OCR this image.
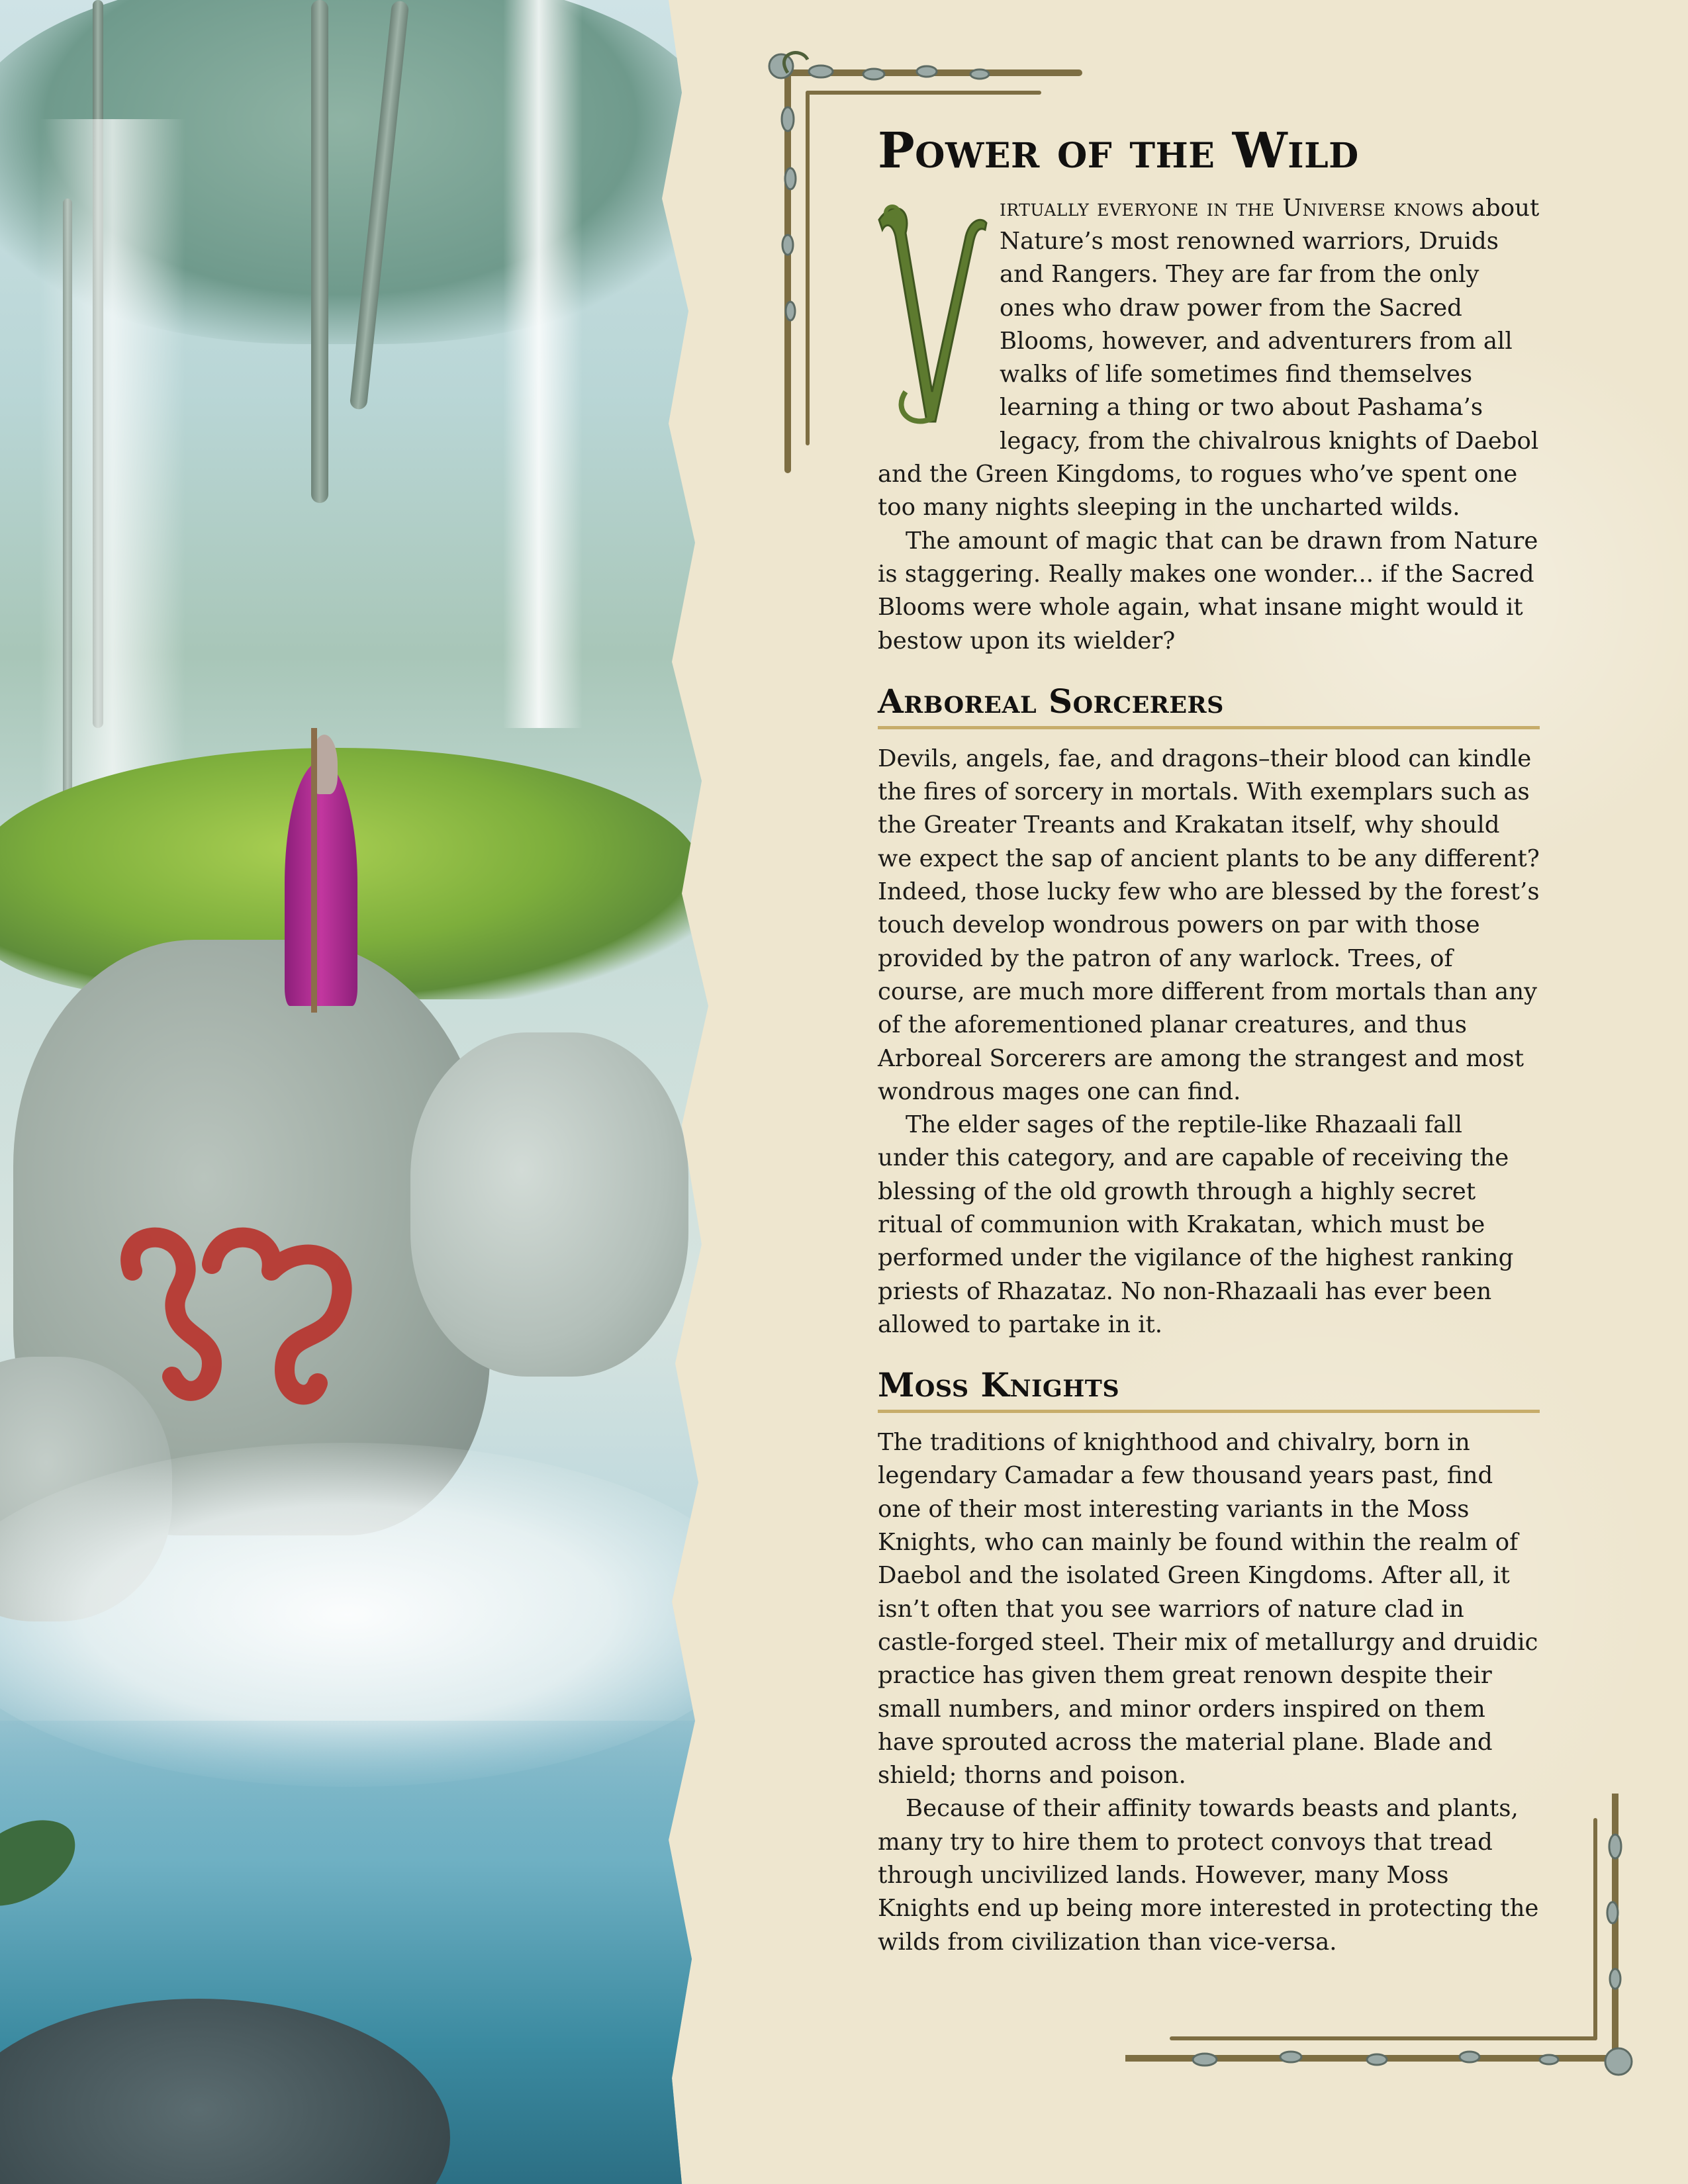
Power of the Wild
V

irtually everyone in the Universe knows about Nature’s most renowned warriors, Druids and Rangers. They are far from the only ones who draw power from the Sacred Blooms, however, and adventurers from all walks of life sometimes find themselves learning a thing or two about Pashama’s legacy, from the chivalrous knights of Daebol and the Green Kingdoms, to rogues who’ve spent one too many nights sleeping in the uncharted wilds.

The amount of magic that can be drawn from Nature is staggering. Really makes one wonder... if the Sacred Blooms were whole again, what insane might would it bestow upon its wielder?

Arboreal Sorcerers

Devils, angels, fae, and dragons–their blood can kindle the fires of sorcery in mortals. With exemplars such as the Greater Treants and Krakatan itself, why should we expect the sap of ancient plants to be any different? Indeed, those lucky few who are blessed by the forest’s touch develop wondrous powers on par with those provided by the patron of any warlock. Trees, of course, are much more different from mortals than any of the aforementioned planar creatures, and thus Arboreal Sorcerers are among the strangest and most wondrous mages one can find.

The elder sages of the reptile-like Rhazaali fall under this category, and are capable of receiving the blessing of the old growth through a highly secret ritual of communion with Krakatan, which must be performed under the vigilance of the highest ranking priests of Rhazataz. No non-Rhazaali has ever been allowed to partake in it.

Moss Knights

The traditions of knighthood and chivalry, born in legendary Camadar a few thousand years past, find one of their most interesting variants in the Moss Knights, who can mainly be found within the realm of Daebol and the isolated Green Kingdoms. After all, it isn’t often that you see warriors of nature clad in castle-forged steel. Their mix of metallurgy and druidic practice has given them great renown despite their small numbers, and minor orders inspired on them have sprouted across the material plane. Blade and shield; thorns and poison.

Because of their affinity towards beasts and plants, many try to hire them to protect convoys that tread through uncivilized lands. However, many Moss Knights end up being more interested in protecting the wilds from civilization than vice-versa.
